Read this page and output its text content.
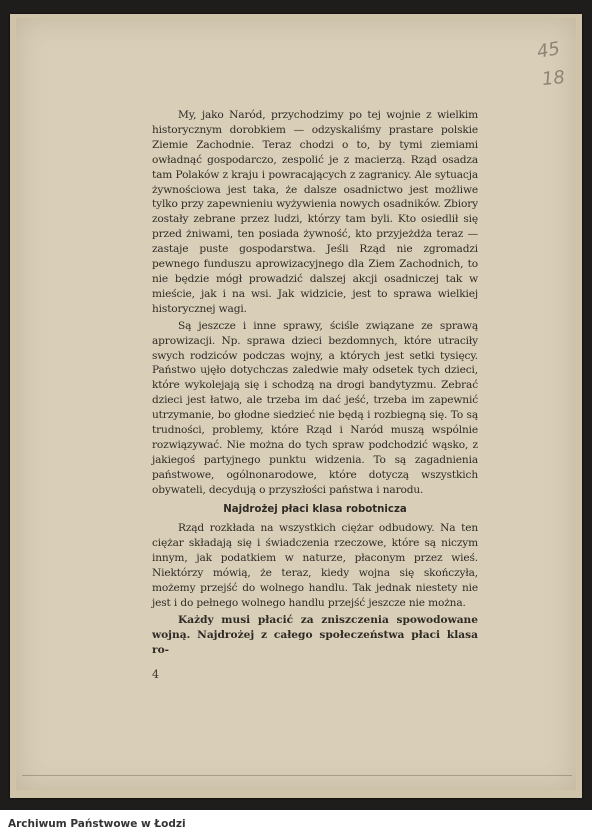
45
18

My, jako Naród, przychodzimy po tej wojnie z wielkim historycznym dorobkiem — odzyskaliśmy prastare polskie Ziemie Zachodnie. Teraz chodzi o to, by tymi ziemiami owładnąć gospodarczo, zespolić je z macierzą. Rząd osadza tam Polaków z kraju i powracających z zagranicy. Ale sytuacja żywnościowa jest taka, że dalsze osadnictwo jest możliwe tylko przy zapewnieniu wyżywienia nowych osadników. Zbiory zostały zebrane przez ludzi, którzy tam byli. Kto osiedlił się przed żniwami, ten posiada żywność, kto przyjeżdża teraz — zastaje puste gospodarstwa. Jeśli Rząd nie zgromadzi pewnego funduszu aprowizacyjnego dla Ziem Zachodnich, to nie będzie mógł prowadzić dalszej akcji osadniczej tak w mieście, jak i na wsi. Jak widzicie, jest to sprawa wielkiej historycznej wagi.

Są jeszcze i inne sprawy, ściśle związane ze sprawą aprowizacji. Np. sprawa dzieci bezdomnych, które utraciły swych rodziców podczas wojny, a których jest setki tysięcy. Państwo ujęło dotychczas zaledwie mały odsetek tych dzieci, które wykolejają się i schodzą na drogi bandytyzmu. Zebrać dzieci jest łatwo, ale trzeba im dać jeść, trzeba im zapewnić utrzymanie, bo głodne siedzieć nie będą i rozbiegną się. To są trudności, problemy, które Rząd i Naród muszą wspólnie rozwiązywać. Nie można do tych spraw podchodzić wąsko, z jakiegoś partyjnego punktu widzenia. To są zagadnienia państwowe, ogólnonarodowe, które dotyczą wszystkich obywateli, decydują o przyszłości państwa i narodu.

Najdrożej płaci klasa robotnicza

Rząd rozkłada na wszystkich ciężar odbudowy. Na ten ciężar składają się i świadczenia rzeczowe, które są niczym innym, jak podatkiem w naturze, płaconym przez wieś. Niektórzy mówią, że teraz, kiedy wojna się skończyła, możemy przejść do wolnego handlu. Tak jednak niestety nie jest i do pełnego wolnego handlu przejść jeszcze nie można.

Każdy musi płacić za zniszczenia spowodowane wojną. Najdrożej z całego społeczeństwa płaci klasa ro-

4
Archiwum Państwowe w Łodzi
